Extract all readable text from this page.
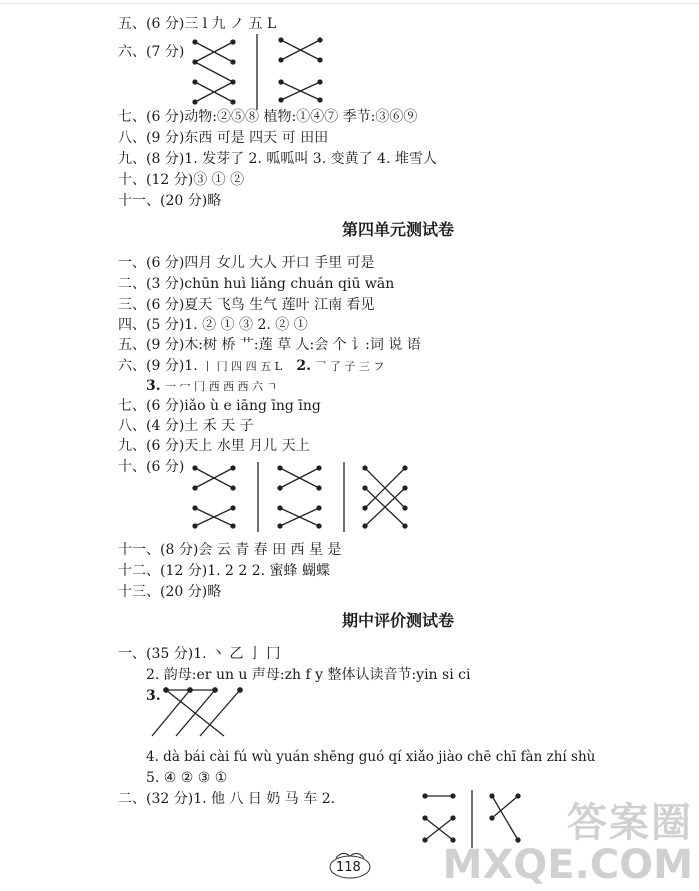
五、(6 分)三 ⅼ 九 ノ 五 L
六、(7 分)
七、(6 分)动物:②⑤⑧ 植物:①④⑦ 季节:③⑥⑨
八、(9 分)东西 可是 四天 可 田田
九、(8 分)1. 发芽了 2. 呱呱叫 3. 变黄了 4. 堆雪人
十、(12 分)③ ① ②
十一、(20 分)略
第四单元测试卷
一、(6 分)四月 女儿 大人 开口 手里 可是
二、(3 分)chūn huì liǎng chuán qiū wān
三、(6 分)夏天 飞鸟 生气 莲叶 江南 看见
四、(5 分)1. ② ① ③ 2. ② ①
五、(9 分)木:树 桥 艹:莲 草 人:会 个 讠:词 说 语
六、(9 分)1. 丨 冂 四 四 五 L 2. 乛 了 子 三 フ
3. 一 冖 冂 西 西 西 六 ㄱ
七、(6 分)iǎo ù e iāng īng īng
八、(4 分)土 禾 天 子
九、(6 分)天上 水里 月儿 天上
十、(6 分)
十一、(8 分)会 云 青 春 田 西 星 是
十二、(12 分)1. 2 2 2. 蜜蜂 蝴蝶
十三、(20 分)略
期中评价测试卷
一、(35 分)1. 丶 乙 亅 冂
2. 韵母:er un u 声母:zh f y 整体认读音节:yin si ci
3.
4. dà bái cài fú wù yuán shēng guó qí xiǎo jiào chē chī fàn zhí shù
5. ④ ② ③ ①
二、(32 分)1. 他 八 日 奶 马 车 2.
118
答案圈
MXQE.COM
